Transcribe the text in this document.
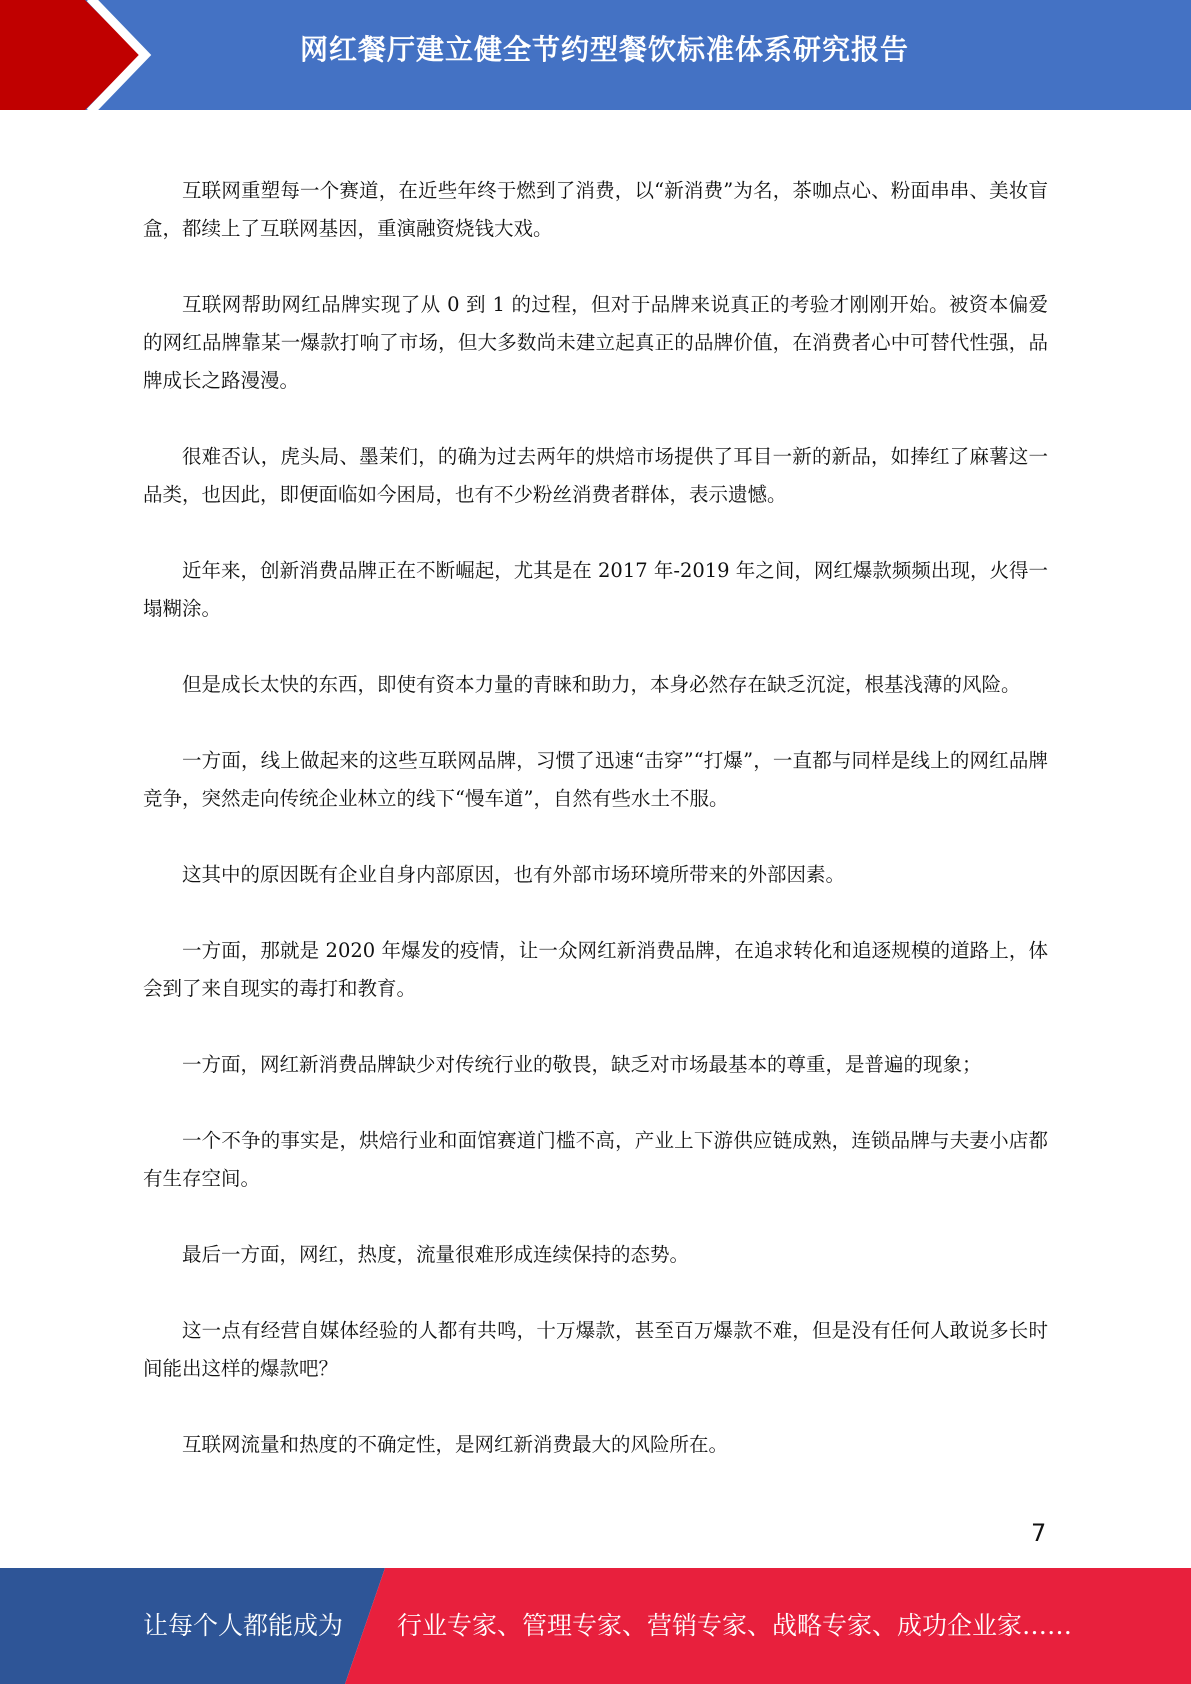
网红餐厅建立健全节约型餐饮标准体系研究报告

互联网重塑每一个赛道，在近些年终于燃到了消费，以“新消费”为名，茶咖点心、粉面串串、美妆盲盒，都续上了互联网基因，重演融资烧钱大戏。

互联网帮助网红品牌实现了从 0 到 1 的过程，但对于品牌来说真正的考验才刚刚开始。被资本偏爱的网红品牌靠某一爆款打响了市场，但大多数尚未建立起真正的品牌价值，在消费者心中可替代性强，品牌成长之路漫漫。

很难否认，虎头局、墨茉们，的确为过去两年的烘焙市场提供了耳目一新的新品，如捧红了麻薯这一品类，也因此，即便面临如今困局，也有不少粉丝消费者群体，表示遗憾。

近年来，创新消费品牌正在不断崛起，尤其是在 2017 年-2019 年之间，网红爆款频频出现，火得一塌糊涂。

但是成长太快的东西，即使有资本力量的青睐和助力，本身必然存在缺乏沉淀，根基浅薄的风险。

一方面，线上做起来的这些互联网品牌，习惯了迅速“击穿”“打爆”，一直都与同样是线上的网红品牌竞争，突然走向传统企业林立的线下“慢车道”，自然有些水土不服。

这其中的原因既有企业自身内部原因，也有外部市场环境所带来的外部因素。

一方面，那就是 2020 年爆发的疫情，让一众网红新消费品牌，在追求转化和追逐规模的道路上，体会到了来自现实的毒打和教育。

一方面，网红新消费品牌缺少对传统行业的敬畏，缺乏对市场最基本的尊重，是普遍的现象；

一个不争的事实是，烘焙行业和面馆赛道门槛不高，产业上下游供应链成熟，连锁品牌与夫妻小店都有生存空间。

最后一方面，网红，热度，流量很难形成连续保持的态势。

这一点有经营自媒体经验的人都有共鸣，十万爆款，甚至百万爆款不难，但是没有任何人敢说多长时间能出这样的爆款吧？

互联网流量和热度的不确定性，是网红新消费最大的风险所在。

7
让每个人都能成为 行业专家、管理专家、营销专家、战略专家、成功企业家……
